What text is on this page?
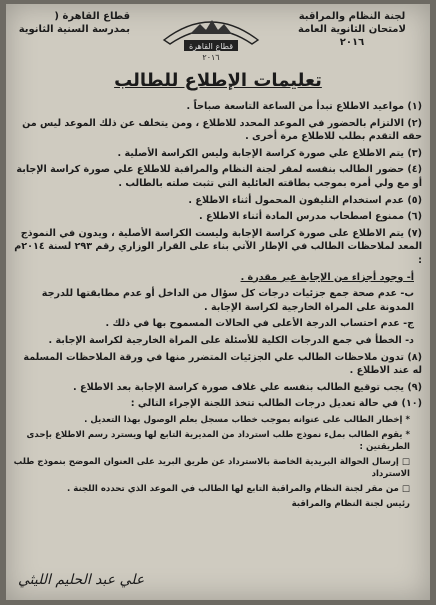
لجنة النظام والمراقبة
لامتحان الثانوية العامة
٢٠١٦
قطاع القاهرة
٢٠١٦
قطاع القاهرة (
بمدرسة السنية الثانوية
تعليمات الإطلاع للطالب

(١) مواعيد الاطلاع تبدأ من الساعة التاسعة صباحاً .

(٢) الالتزام بالحضور في الموعد المحدد للاطلاع ، ومن يتخلف عن ذلك الموعد ليس من حقه التقدم بطلب للاطلاع مرة أخرى .

(٣) يتم الاطلاع علي صورة كراسة الإجابة وليس الكراسة الأصلية .

(٤) حضور الطالب بنفسه لمقر لجنة النظام والمراقبة للاطلاع علي صورة كراسة الإجابة أو مع ولي أمره بموجب بطاقته العائلية التي تثبت صلته بالطالب .

(٥) عدم استخدام التليفون المحمول أثناء الاطلاع .

(٦) ممنوع اصطحاب مدرس المادة أثناء الاطلاع .

(٧) يتم الاطلاع على صورة كراسة الإجابة وليست الكراسة الأصلية ، ويدون في النموذج المعد لملاحظات الطالب في الإطار الآتي بناء على القرار الوزاري رقم ٢٩٣ لسنة ٢٠١٤م :

أ- وجود أجزاء من الإجابة غير مقدرة .

ب- عدم صحة جمع جزئيات درجات كل سؤال من الداخل أو عدم مطابقتها للدرجة المدونة على المراة الخارجية لكراسة الإجابة .

ج- عدم احتساب الدرجة الأعلى في الحالات المسموح بها في ذلك .

د- الخطأ في جمع الدرجات الكلية للأسئلة على المراة الخارجية لكراسة الإجابة .

(٨) تدون ملاحظات الطالب علي الجزئيات المتضرر منها في ورقة الملاحظات المسلمة له عند الاطلاع .

(٩) يجب توقيع الطالب بنفسه علي غلاف صورة كراسة الإجابة بعد الاطلاع .

(١٠) في حالة تعديل درجات الطالب تتخذ اللجنة الإجراء التالي :

* إخطار الطالب على عنوانه بموجب خطاب مسجل بعلم الوصول بهذا التعديل .

* يقوم الطالب بملء نموذج طلب استرداد من المديرية التابع لها ويسترد رسم الاطلاع بإحدى الطريقتين :

□ إرسال الحوالة البريدية الخاصة بالاسترداد عن طريق البريد على العنوان الموضح بنموذج طلب الاسترداد

□ من مقر لجنة النظام والمراقبة التابع لها الطالب في الموعد الذي تحدده اللجنة .

رئيس لجنة النظام والمراقبة

علي عبد الحليم الليثي
